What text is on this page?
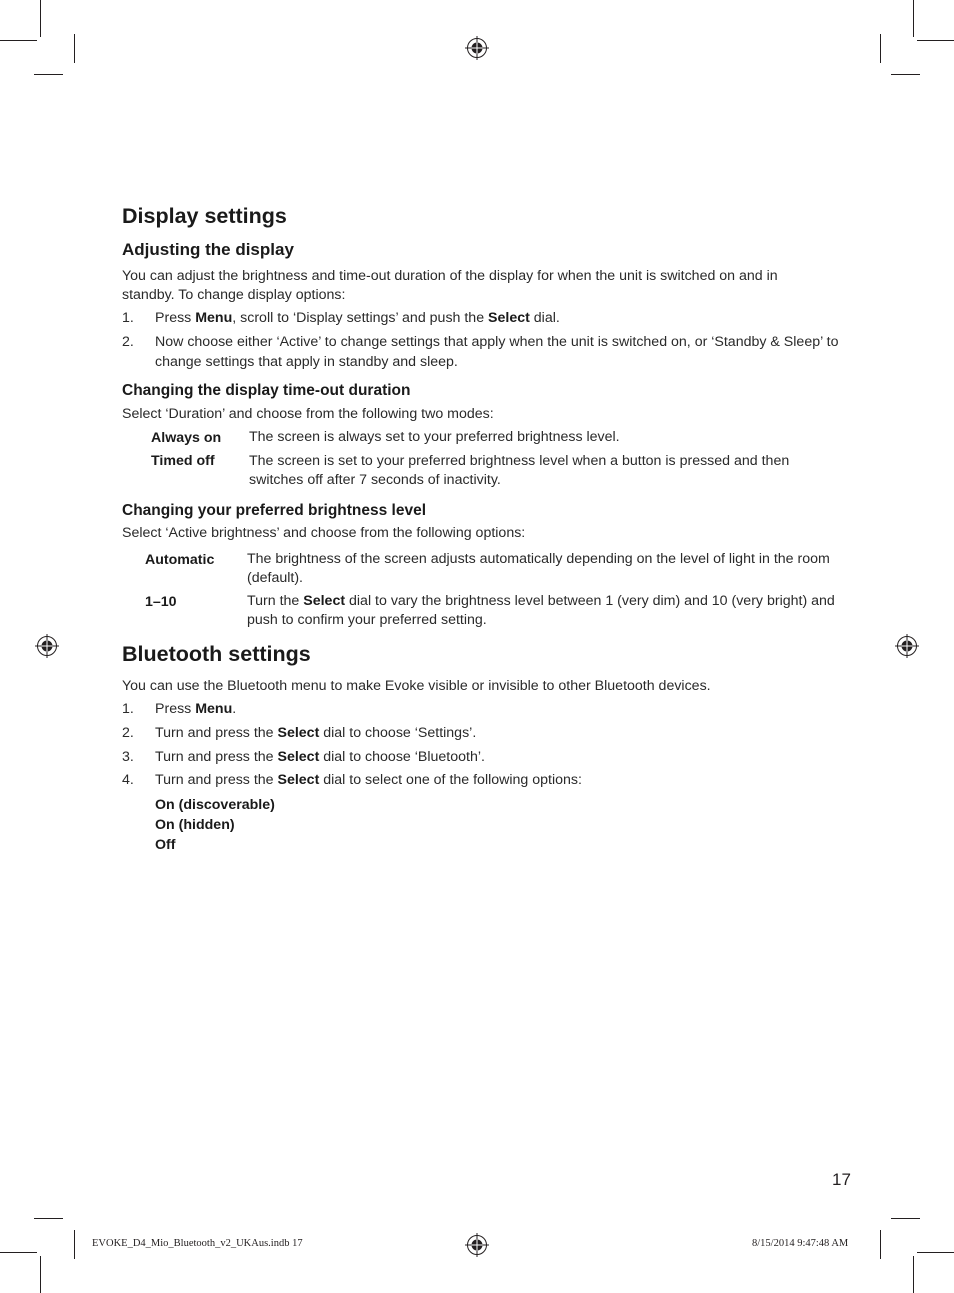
Display settings
Adjusting the display
You can adjust the brightness and time-out duration of the display for when the unit is switched on and in standby. To change display options:
1.	Press Menu, scroll to ‘Display settings’ and push the Select dial.
2.	Now choose either ‘Active’ to change settings that apply when the unit is switched on, or ‘Standby & Sleep’ to change settings that apply in standby and sleep.
Changing the display time-out duration
Select ‘Duration’ and choose from the following two modes:
Always on The screen is always set to your preferred brightness level.
Timed off The screen is set to your preferred brightness level when a button is pressed and then switches off after 7 seconds of inactivity.
Changing your preferred brightness level
Select ‘Active brightness’ and choose from the following options:
Automatic The brightness of the screen adjusts automatically depending on the level of light in the room (default).
1–10	Turn the Select dial to vary the brightness level between 1 (very dim) and 10 (very bright) and push to confirm your preferred setting.
Bluetooth settings
You can use the Bluetooth menu to make Evoke visible or invisible to other Bluetooth devices.
1.	Press Menu.
2.	Turn and press the Select dial to choose ‘Settings’.
3.	Turn and press the Select dial to choose ‘Bluetooth’.
4.	Turn and press the Select dial to select one of the following options:
On (discoverable)
On (hidden)
Off
17
EVOKE_D4_Mio_Bluetooth_v2_UKAus.indb 17	8/15/2014 9:47:48 AM
